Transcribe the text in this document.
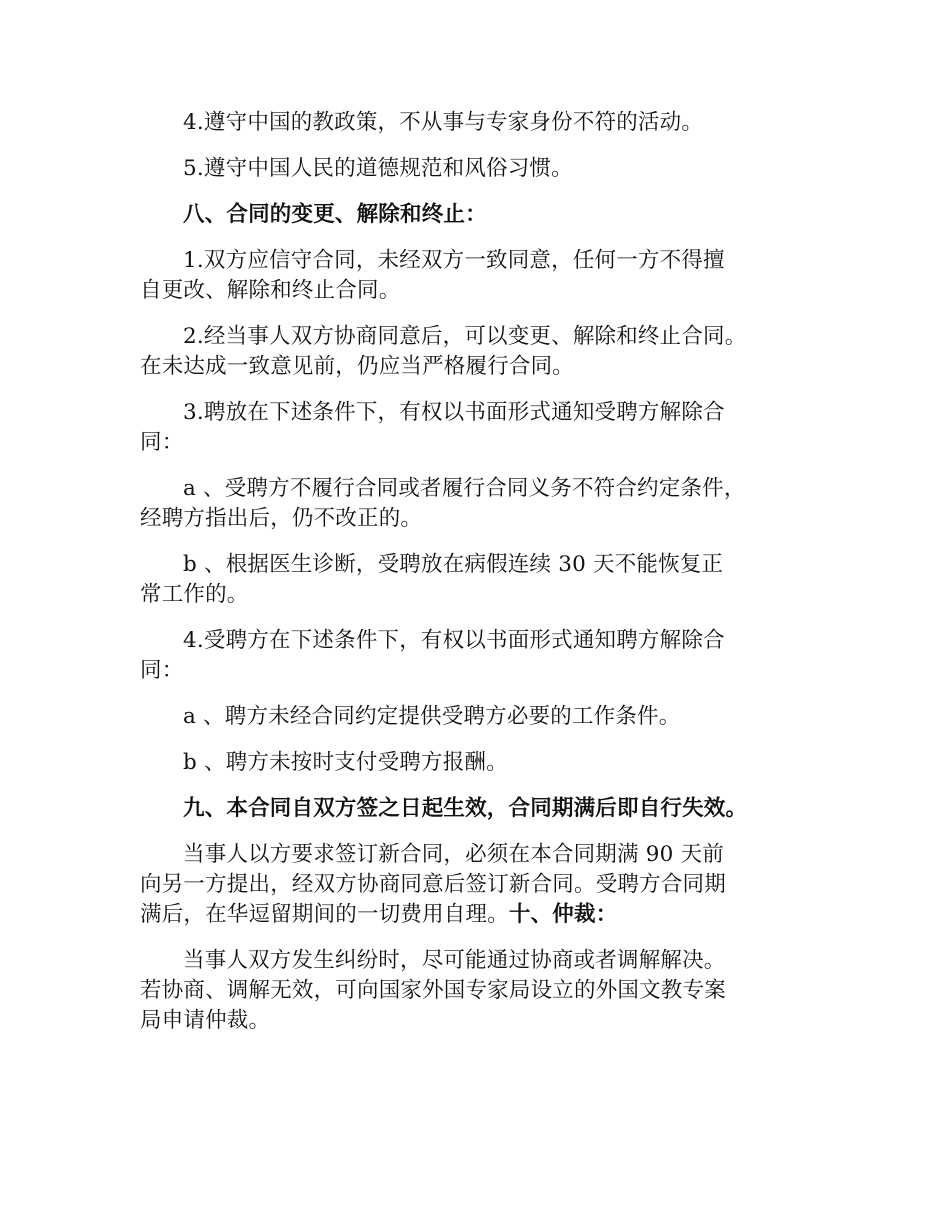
4.遵守中国的教政策，不从事与专家身份不符的活动。

5.遵守中国人民的道德规范和风俗习惯。

八、合同的变更、解除和终止：

1.双方应信守合同，未经双方一致同意，任何一方不得擅

自更改、解除和终止合同。

2.经当事人双方协商同意后，可以变更、解除和终止合同。

在未达成一致意见前，仍应当严格履行合同。

3.聘放在下述条件下，有权以书面形式通知受聘方解除合

同：

a 、受聘方不履行合同或者履行合同义务不符合约定条件，

经聘方指出后，仍不改正的。

b 、根据医生诊断，受聘放在病假连续 30 天不能恢复正

常工作的。

4.受聘方在下述条件下，有权以书面形式通知聘方解除合

同：

a 、聘方未经合同约定提供受聘方必要的工作条件。

b 、聘方未按时支付受聘方报酬。

九、本合同自双方签之日起生效，合同期满后即自行失效。

当事人以方要求签订新合同，必须在本合同期满 90 天前

向另一方提出，经双方协商同意后签订新合同。受聘方合同期

满后，在华逗留期间的一切费用自理。十、仲裁：

当事人双方发生纠纷时，尽可能通过协商或者调解解决。

若协商、调解无效，可向国家外国专家局设立的外国文教专案

局申请仲裁。
